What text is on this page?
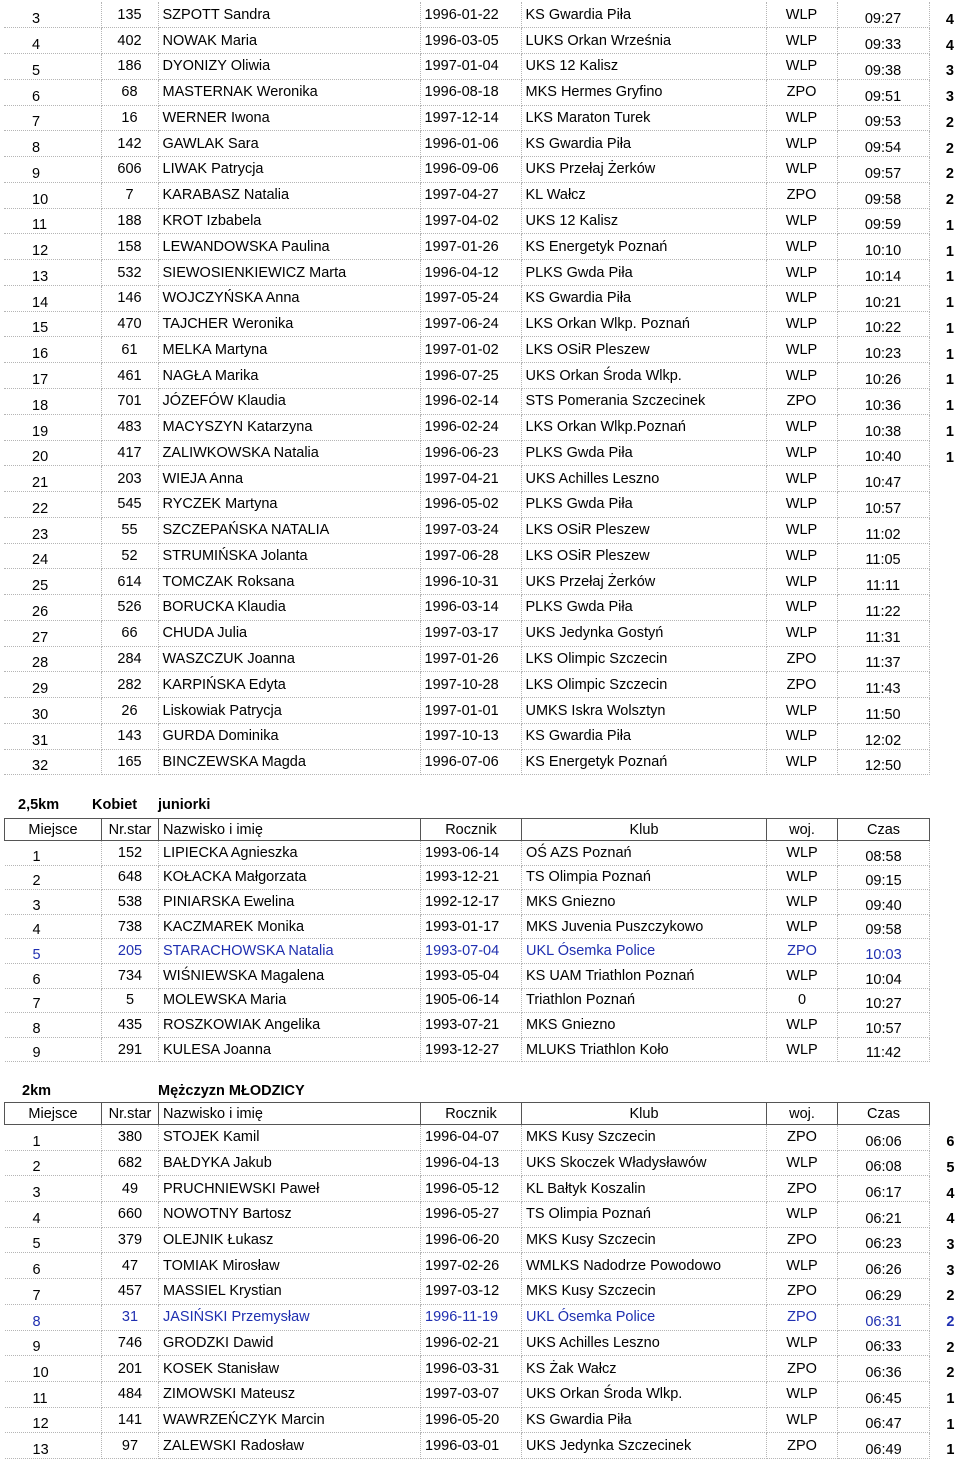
3	135	SZPOTT Sandra	1996-01-22	KS Gwardia Piła	WLP	09:27	4
4	402	NOWAK Maria	1996-03-05	LUKS Orkan Września	WLP	09:33	4
5	186	DYONIZY Oliwia	1997-01-04	UKS 12 Kalisz	WLP	09:38	3
6	68	MASTERNAK Weronika	1996-08-18	MKS Hermes Gryfino	ZPO	09:51	3
7	16	WERNER Iwona	1997-12-14	LKS Maraton Turek	WLP	09:53	2
8	142	GAWLAK Sara	1996-01-06	KS Gwardia Piła	WLP	09:54	2
9	606	LIWAK Patrycja	1996-09-06	UKS Przełaj Żerków	WLP	09:57	2
10	7	KARABASZ Natalia	1997-04-27	KL Wałcz	ZPO	09:58	2
11	188	KROT Izbabela	1997-04-02	UKS 12 Kalisz	WLP	09:59	1
12	158	LEWANDOWSKA Paulina	1997-01-26	KS Energetyk Poznań	WLP	10:10	1
13	532	SIEWOSIENKIEWICZ Marta	1996-04-12	PLKS Gwda Piła	WLP	10:14	1
14	146	WOJCZYŃSKA Anna	1997-05-24	KS Gwardia Piła	WLP	10:21	1
15	470	TAJCHER Weronika	1997-06-24	LKS Orkan Wlkp. Poznań	WLP	10:22	1
16	61	MELKA Martyna	1997-01-02	LKS OSiR Pleszew	WLP	10:23	1
17	461	NAGŁA Marika	1996-07-25	UKS Orkan Środa Wlkp.	WLP	10:26	1
18	701	JÓZEFÓW Klaudia	1996-02-14	STS Pomerania Szczecinek	ZPO	10:36	1
19	483	MACYSZYN Katarzyna	1996-02-24	LKS Orkan Wlkp.Poznań	WLP	10:38	1
20	417	ZALIWKOWSKA Natalia	1996-06-23	PLKS Gwda Piła	WLP	10:40	1
21	203	WIEJA Anna	1997-04-21	UKS Achilles Leszno	WLP	10:47	
22	545	RYCZEK Martyna	1996-05-02	PLKS Gwda Piła	WLP	10:57	
23	55	SZCZEPAŃSKA NATALIA	1997-03-24	LKS OSiR Pleszew	WLP	11:02	
24	52	STRUMIŃSKA Jolanta	1997-06-28	LKS OSiR Pleszew	WLP	11:05	
25	614	TOMCZAK Roksana	1996-10-31	UKS Przełaj Żerków	WLP	11:11	
26	526	BORUCKA Klaudia	1996-03-14	PLKS Gwda Piła	WLP	11:22	
27	66	CHUDA Julia	1997-03-17	UKS Jedynka Gostyń	WLP	11:31	
28	284	WASZCZUK Joanna	1997-01-26	LKS Olimpic Szczecin	ZPO	11:37	
29	282	KARPIŃSKA Edyta	1997-10-28	LKS Olimpic Szczecin	ZPO	11:43	
30	26	Liskowiak Patrycja	1997-01-01	UMKS Iskra Wolsztyn	WLP	11:50	
31	143	GURDA Dominika	1997-10-13	KS Gwardia Piła	WLP	12:02	
32	165	BINCZEWSKA Magda	1996-07-06	KS Energetyk Poznań	WLP	12:50	
2,5km Kobiet juniorki
Miejsce	Nr.star	Nazwisko i imię	Rocznik	Klub	woj.	Czas	
1	152	LIPIECKA Agnieszka	1993-06-14	OŚ AZS Poznań	WLP	08:58	
2	648	KOŁACKA Małgorzata	1993-12-21	TS Olimpia Poznań	WLP	09:15	
3	538	PINIARSKA Ewelina	1992-12-17	MKS Gniezno	WLP	09:40	
4	738	KACZMAREK Monika	1993-01-17	MKS Juvenia Puszczykowo	WLP	09:58	
5	205	STARACHOWSKA Natalia	1993-07-04	UKL Ósemka Police	ZPO	10:03	
6	734	WIŚNIEWSKA Magalena	1993-05-04	KS UAM Triathlon Poznań	WLP	10:04	
7	5	MOLEWSKA Maria	1905-06-14	Triathlon Poznań	0	10:27	
8	435	ROSZKOWIAK Angelika	1993-07-21	MKS Gniezno	WLP	10:57	
9	291	KULESA Joanna	1993-12-27	MLUKS Triathlon Koło	WLP	11:42	
2km	Mężczyzn MŁODZICY
Miejsce	Nr.star	Nazwisko i imię	Rocznik	Klub	woj.	Czas	
1	380	STOJEK Kamil	1996-04-07	MKS Kusy Szczecin	ZPO	06:06	6
2	682	BAŁDYKA Jakub	1996-04-13	UKS Skoczek Władysławów	WLP	06:08	5
3	49	PRUCHNIEWSKI Paweł	1996-05-12	KL Bałtyk Koszalin	ZPO	06:17	4
4	660	NOWOTNY Bartosz	1996-05-27	TS Olimpia Poznań	WLP	06:21	4
5	379	OLEJNIK Łukasz	1996-06-20	MKS Kusy Szczecin	ZPO	06:23	3
6	47	TOMIAK Mirosław	1997-02-26	WMLKS Nadodrze Powodowo	WLP	06:26	3
7	457	MASSIEL Krystian	1997-03-12	MKS Kusy Szczecin	ZPO	06:29	2
8	31	JASIŃSKI Przemysław	1996-11-19	UKL Ósemka Police	ZPO	06:31	2
9	746	GRODZKI Dawid	1996-02-21	UKS Achilles Leszno	WLP	06:33	2
10	201	KOSEK Stanisław	1996-03-31	KS Żak Wałcz	ZPO	06:36	2
11	484	ZIMOWSKI Mateusz	1997-03-07	UKS Orkan Środa Wlkp.	WLP	06:45	1
12	141	WAWRZEŃCZYK Marcin	1996-05-20	KS Gwardia Piła	WLP	06:47	1
13	97	ZALEWSKI Radosław	1996-03-01	UKS Jedynka Szczecinek	ZPO	06:49	1
